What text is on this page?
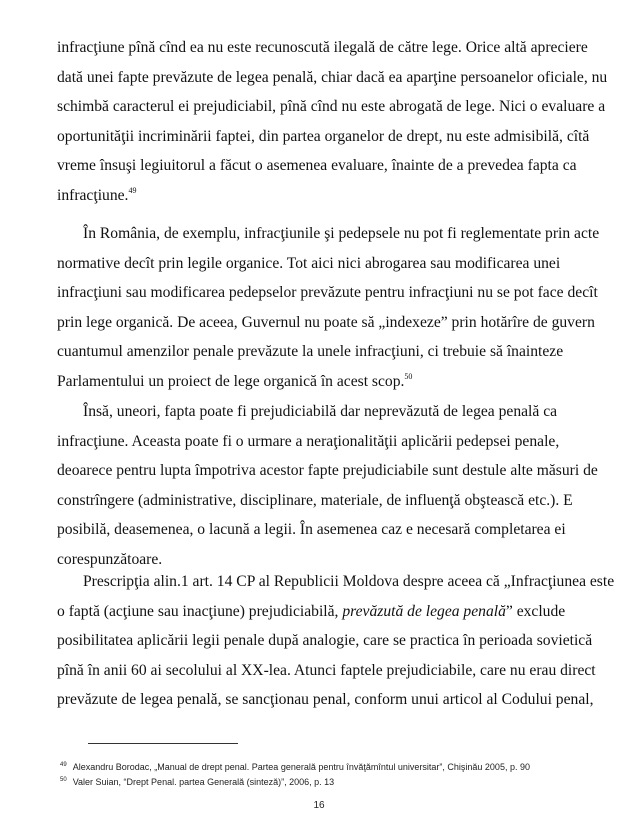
infracţiune pînă cînd ea nu este recunoscută ilegală de către lege. Orice altă apreciere
dată unei fapte prevăzute de legea penală, chiar dacă ea aparţine persoanelor oficiale, nu
schimbă caracterul ei prejudiciabil, pînă cînd nu este abrogată de lege. Nici o evaluare a
oportunităţii incriminării faptei, din partea organelor de drept, nu este admisibilă, cîtă
vreme însuşi legiuitorul a făcut o asemenea evaluare, înainte de a prevedea fapta ca
infracţiune.$^{49}$
În România, de exemplu, infracţiunile şi pedepsele nu pot fi reglementate prin acte
normative decît prin legile organice. Tot aici nici abrogarea sau modificarea unei
infracţiuni sau modificarea pedepselor prevăzute pentru infracţiuni nu se pot face decît
prin lege organică. De aceea, Guvernul nu poate să „indexeze” prin hotărîre de guvern
cuantumul amenzilor penale prevăzute la unele infracţiuni, ci trebuie să înainteze
Parlamentului un proiect de lege organică în acest scop.$^{50}$
Însă, uneori, fapta poate fi prejudiciabilă dar neprevăzută de legea penală ca
infracţiune. Aceasta poate fi o urmare a neraţionalităţii aplicării pedepsei penale,
deoarece pentru lupta împotriva acestor fapte prejudiciabile sunt destule alte măsuri de
constrîngere (administrative, disciplinare, materiale, de influenţă obştească etc.). E
posibilă, deasemenea, o lacună a legii. În asemenea caz e necesară completarea ei
corespunzătoare.
Prescripţia alin.1 art. 14 CP al Republicii Moldova despre aceea că „Infracţiunea este
o faptă (acţiune sau inacţiune) prejudiciabilă, prevăzută de legea penală” exclude
posibilitatea aplicării legii penale după analogie, care se practica în perioada sovietică
pînă în anii 60 ai secolului al XX-lea. Atunci faptele prejudiciabile, care nu erau direct
prevăzute de legea penală, se sancţionau penal, conform unui articol al Codului penal,
$^{49}$ Alexandru Borodac, „Manual de drept penal. Partea generală pentru învăţămîntul universitar”, Chişinău 2005, p. 90
$^{50}$ Valer Suian, “Drept Penal. partea Generală (sinteză)”, 2006, p. 13
16
